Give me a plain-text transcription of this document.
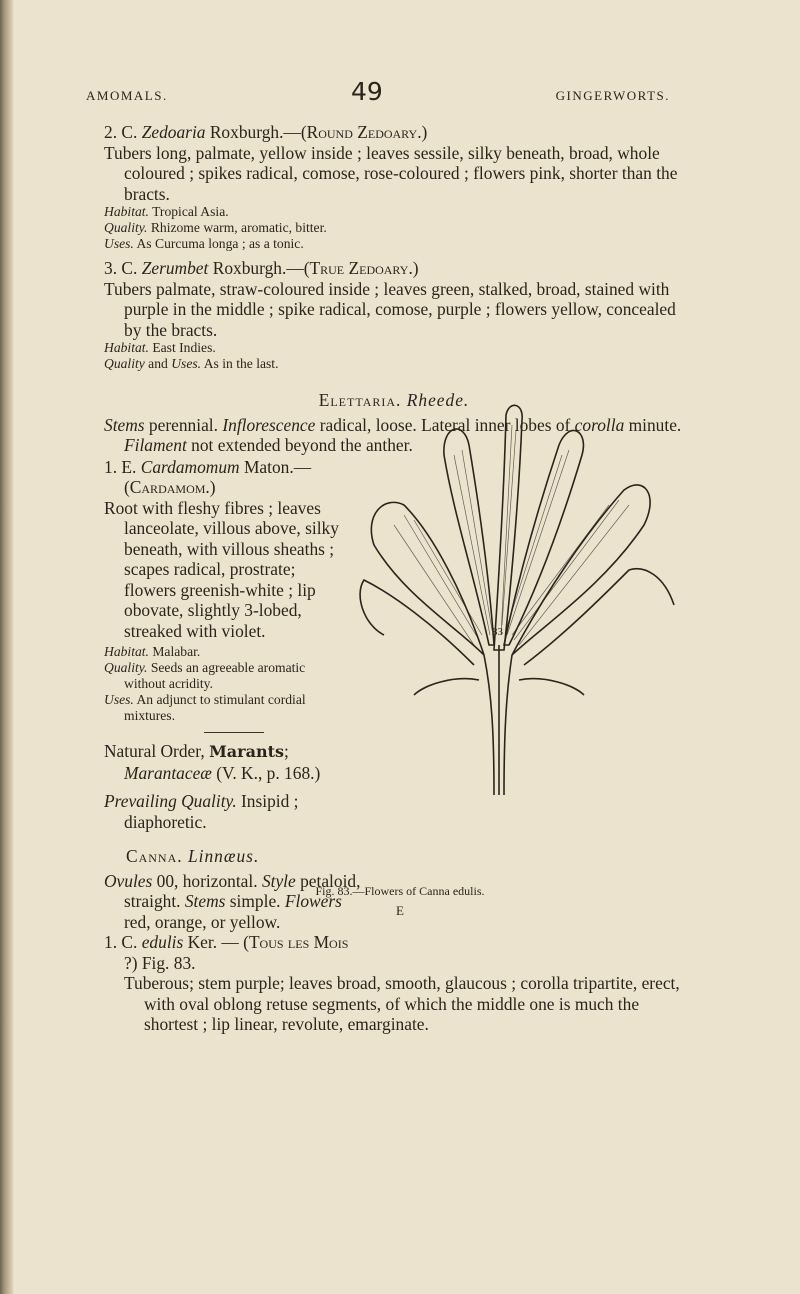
AMOMALS.	49	GINGERWORTS.

2. C. Zedoaria Roxburgh.—(Round Zedoary.)

Tubers long, palmate, yellow inside ; leaves sessile, silky beneath, broad, whole coloured ; spikes radical, comose, rose-coloured ; flowers pink, shorter than the bracts.

Habitat. Tropical Asia.

Quality. Rhizome warm, aromatic, bitter.

Uses. As Curcuma longa ; as a tonic.

3. C. Zerumbet Roxburgh.—(True Zedoary.)

Tubers palmate, straw-coloured inside ; leaves green, stalked, broad, stained with purple in the middle ; spike radical, comose, purple ; flowers yellow, concealed by the bracts.

Habitat. East Indies.

Quality and Uses. As in the last.

Elettaria. Rheede.

Stems perennial. Inflorescence radical, loose. Lateral inner lobes of corolla minute. Filament not extended beyond the anther.

1. E. Cardamomum Maton.—(Cardamom.)

Root with fleshy fibres ; leaves lanceolate, villous above, silky beneath, with villous sheaths ; scapes radical, prostrate; flowers greenish-white ; lip obovate, slightly 3-lobed, streaked with violet.

Habitat. Malabar.

Quality. Seeds an agreeable aromatic without acridity.

Uses. An adjunct to stimulant cordial mixtures.

Natural Order, Marants; Marantaceæ (V. K., p. 168.)

Prevailing Quality. Insipid ; diaphoretic.

Canna. Linnæus.

Ovules 00, horizontal. Style petaloid, straight. Stems simple. Flowers red, orange, or yellow.

1. C. edulis Ker. — (Tous les Mois ?) Fig. 83.

Tuberous; stem purple; leaves broad, smooth, glaucous ; corolla tripartite, erect, with oval oblong retuse segments, of which the middle one is much the shortest ; lip linear, revolute, emarginate.

83
Fig. 83.—Flowers of Canna edulis.
E
